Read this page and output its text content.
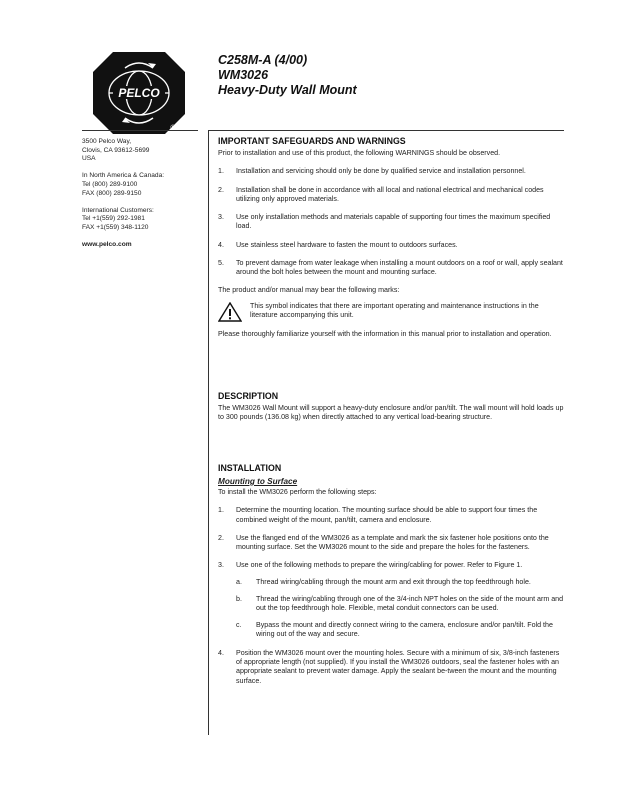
PELCO
®
C258M-A (4/00)
WM3026
Heavy-Duty Wall Mount
3500 Pelco Way,
Clovis, CA 93612-5699
USA
In North America & Canada:
Tel (800) 289-9100
FAX (800) 289-9150
International Customers:
Tel +1(559) 292-1981
FAX +1(559) 348-1120
www.pelco.com
IMPORTANT SAFEGUARDS AND WARNINGS

Prior to installation and use of this product, the following WARNINGS should be observed.

1.	Installation and servicing should only be done by qualified service and installation personnel.
2.	Installation shall be done in accordance with all local and national electrical and mechanical codes utilizing only approved materials.
3.	Use only installation methods and materials capable of supporting four times the maximum specified load.
4.	Use stainless steel hardware to fasten the mount to outdoors surfaces.
5.	To prevent damage from water leakage when installing a mount outdoors on a roof or wall, apply sealant around the bolt holes between the mount and mounting surface.

The product and/or manual may bear the following marks:

This symbol indicates that there are important operating and maintenance instructions in the literature accompanying this unit.

Please thoroughly familiarize yourself with the information in this manual prior to installation and operation.

DESCRIPTION

The WM3026 Wall Mount will support a heavy-duty enclosure and/or pan/tilt. The wall mount will hold loads up to 300 pounds (136.08 kg) when directly attached to any vertical load-bearing structure.

INSTALLATION
Mounting to Surface

To install the WM3026 perform the following steps:

1.	Determine the mounting location. The mounting surface should be able to support four times the combined weight of the mount, pan/tilt, camera and enclosure.
2.	Use the flanged end of the WM3026 as a template and mark the six fastener hole positions onto the mounting surface. Set the WM3026 mount to the side and prepare the holes for the fasteners.
3.	Use one of the following methods to prepare the wiring/cabling for power. Refer to Figure 1.
a.	Thread wiring/cabling through the mount arm and exit through the top feedthrough hole.
b.	Thread the wiring/cabling through one of the 3/4-inch NPT holes on the side of the mount arm and out the top feedthrough hole. Flexible, metal conduit connectors can be used.
c.	Bypass the mount and directly connect wiring to the camera, enclosure and/or pan/tilt. Fold the wiring out of the way and secure.
4.	Position the WM3026 mount over the mounting holes. Secure with a minimum of six, 3/8-inch fasteners of appropriate length (not supplied). If you install the WM3026 outdoors, seal the fastener holes with an appropriate sealant to prevent water damage. Apply the sealant be-tween the mount and the mounting surface.
